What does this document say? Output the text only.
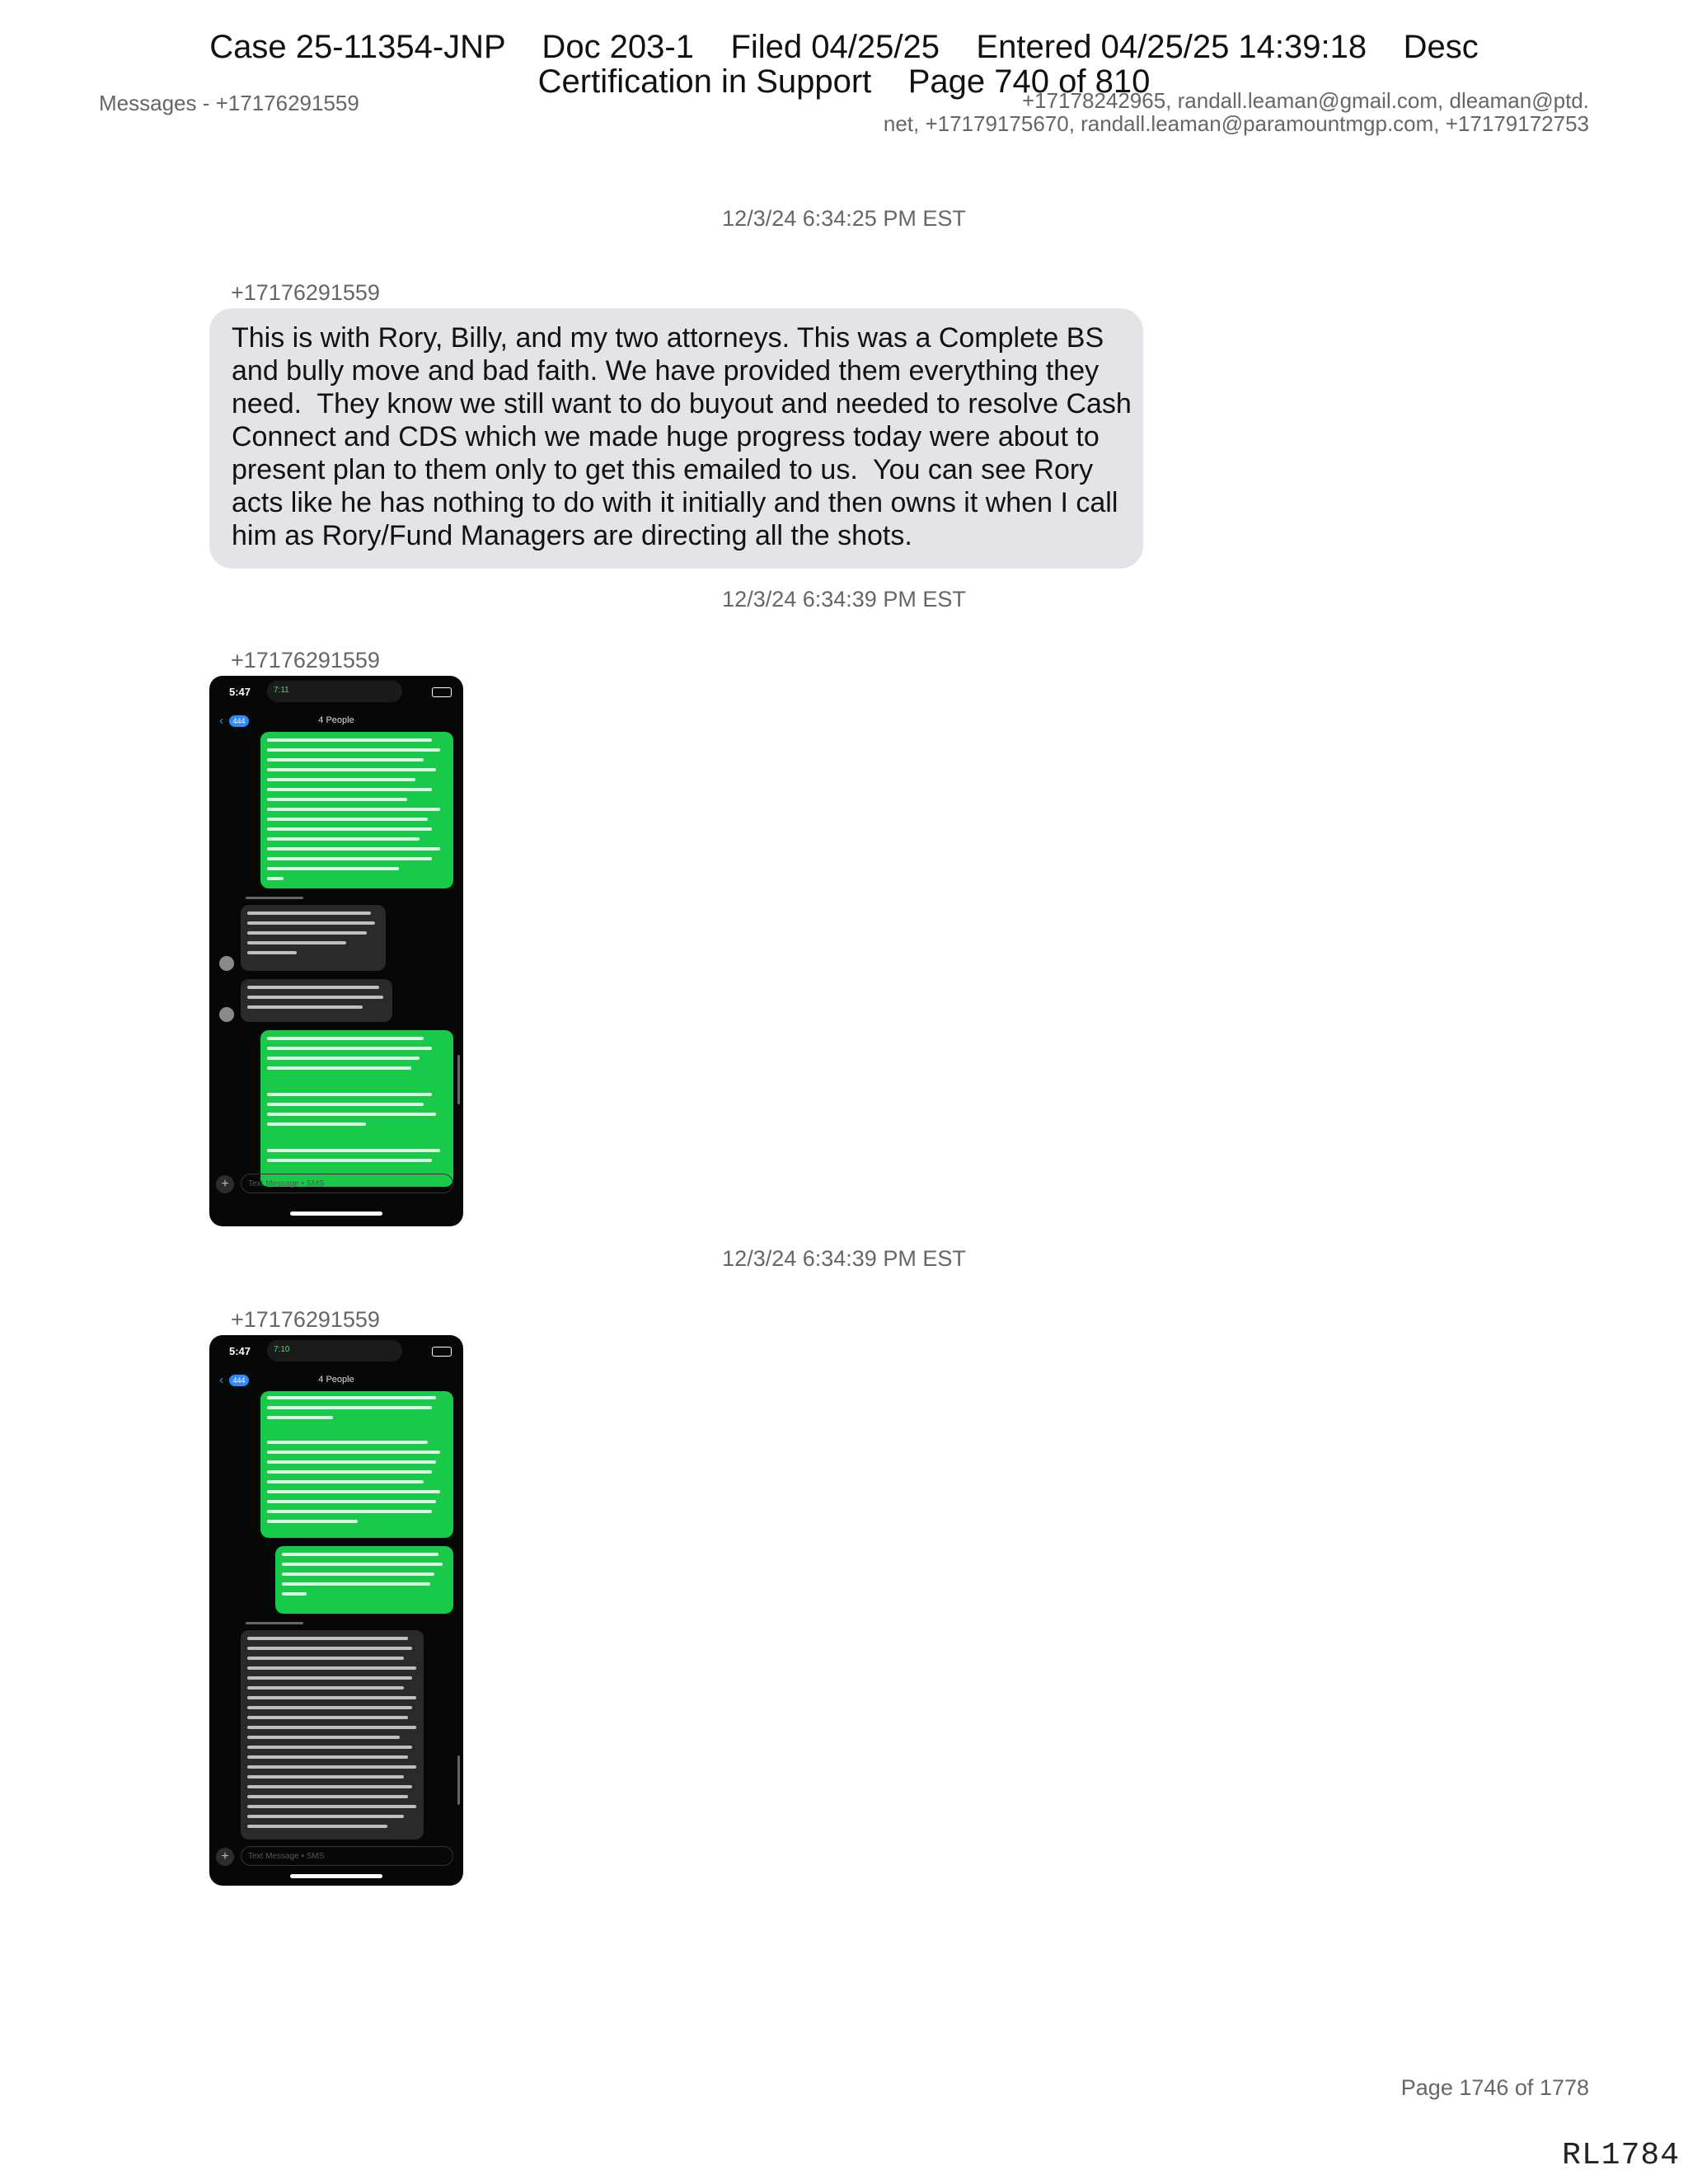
Case 25-11354-JNP    Doc 203-1    Filed 04/25/25    Entered 04/25/25 14:39:18    Desc
Certification in Support    Page 740 of 810
Messages - +17176291559	+17178242965, randall.leaman@gmail.com, dleaman@ptd.
net, +17179175670, randall.leaman@paramountmgp.com, +17179172753
12/3/24 6:34:25 PM EST
+17176291559
This is with Rory, Billy, and my two attorneys. This was a Complete BS
and bully move and bad faith. We have provided them everything they
need.  They know we still want to do buyout and needed to resolve Cash
Connect and CDS which we made huge progress today were about to
present plan to them only to get this emailed to us.  You can see Rory
acts like he has nothing to do with it initially and then owns it when I call
him as Rory/Fund Managers are directing all the shots.
12/3/24 6:34:39 PM EST
+17176291559
5:47	7:11
‹	444	4 People
+	Text Message • SMS
12/3/24 6:34:39 PM EST
+17176291559
5:47	7:10
‹	444	4 People
+	Text Message • SMS
Page 1746 of 1778
RL1784
